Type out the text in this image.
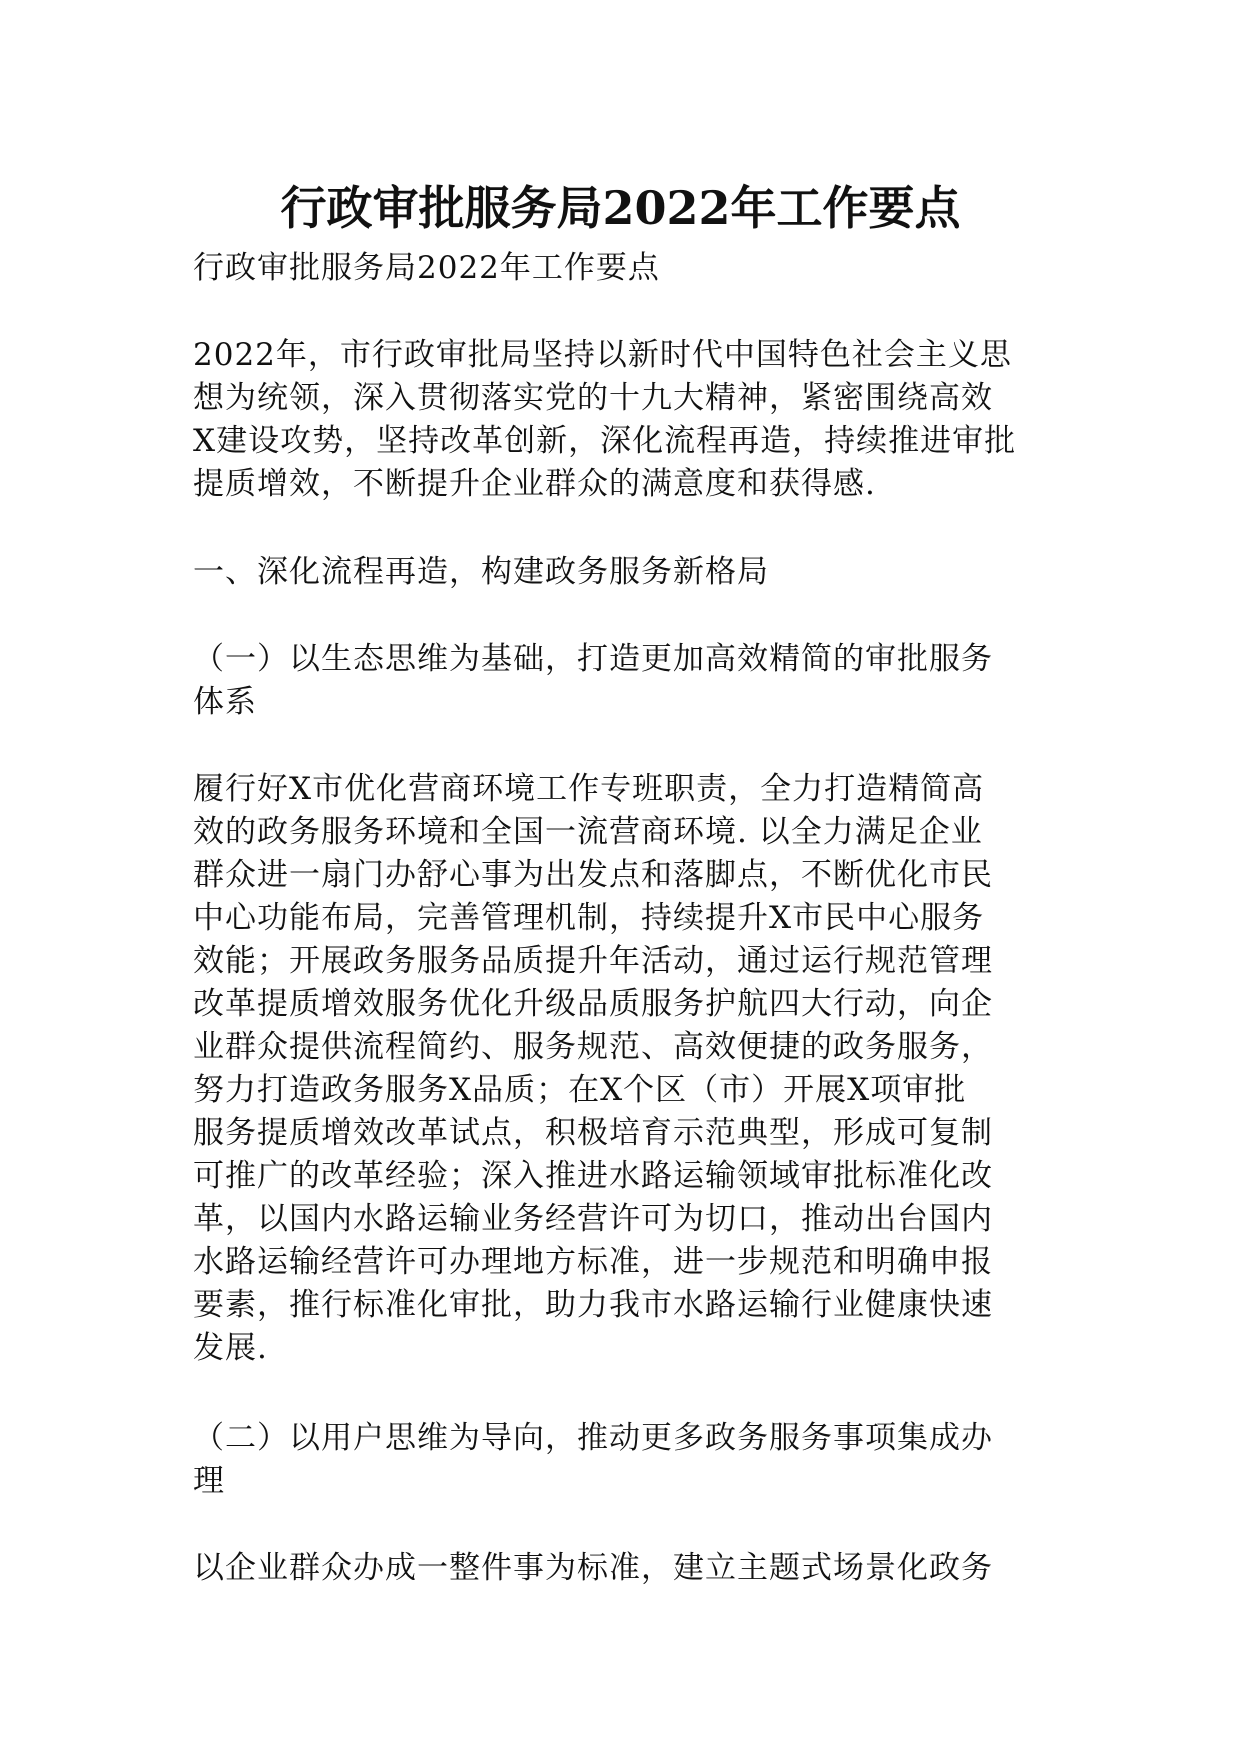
行政审批服务局2022年工作要点

行政审批服务局2022年工作要点

2022年，市行政审批局坚持以新时代中国特色社会主义思
想为统领，深入贯彻落实党的十九大精神，紧密围绕高效
X建设攻势，坚持改革创新，深化流程再造，持续推进审批
提质增效，不断提升企业群众的满意度和获得感.

一、深化流程再造，构建政务服务新格局

（一）以生态思维为基础，打造更加高效精简的审批服务
体系

履行好X市优化营商环境工作专班职责，全力打造精简高
效的政务服务环境和全国一流营商环境. 以全力满足企业
群众进一扇门办舒心事为出发点和落脚点，不断优化市民
中心功能布局，完善管理机制，持续提升X市民中心服务
效能；开展政务服务品质提升年活动，通过运行规范管理
改革提质增效服务优化升级品质服务护航四大行动，向企
业群众提供流程简约、服务规范、高效便捷的政务服务，
努力打造政务服务X品质；在X个区（市）开展X项审批
服务提质增效改革试点，积极培育示范典型，形成可复制
可推广的改革经验；深入推进水路运输领域审批标准化改
革，以国内水路运输业务经营许可为切口，推动出台国内
水路运输经营许可办理地方标准，进一步规范和明确申报
要素，推行标准化审批，助力我市水路运输行业健康快速
发展.

（二）以用户思维为导向，推动更多政务服务事项集成办
理

以企业群众办成一整件事为标准，建立主题式场景化政务
